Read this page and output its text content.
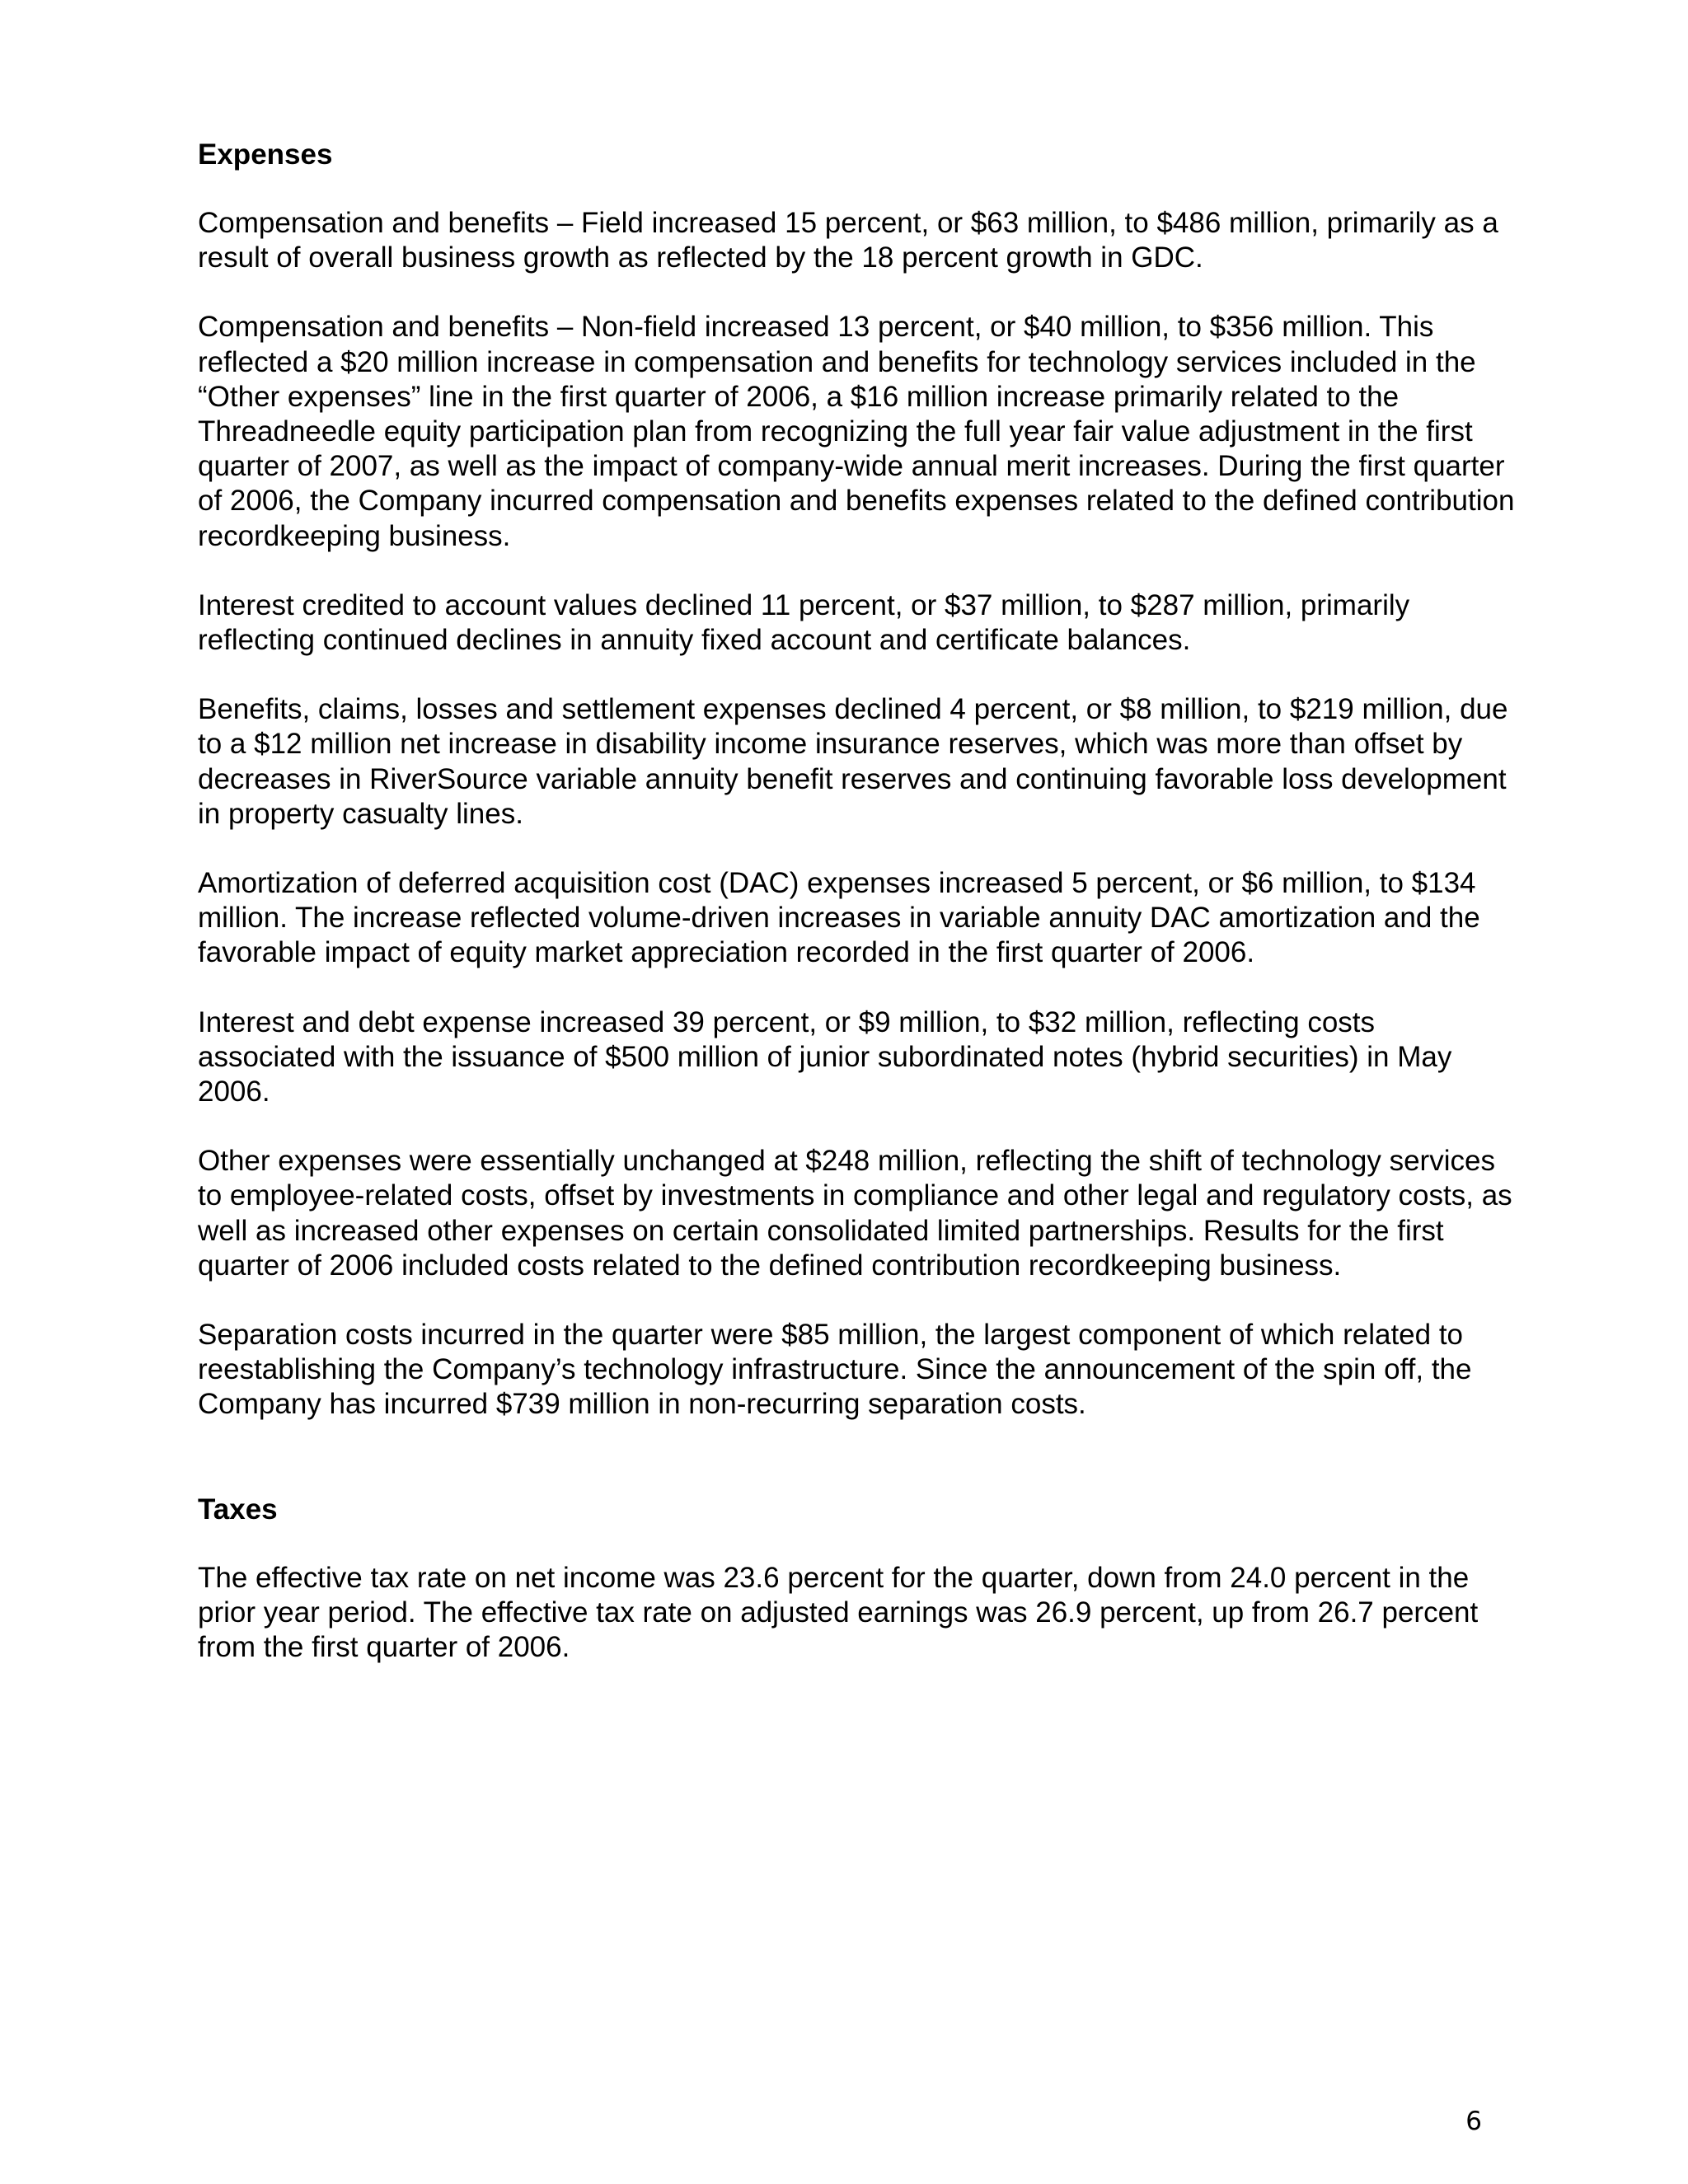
Expenses

Compensation and benefits – Field increased 15 percent, or $63 million, to $486 million, primarily as a result of overall business growth as reflected by the 18 percent growth in GDC.

Compensation and benefits – Non-field increased 13 percent, or $40 million, to $356 million. This reflected a $20 million increase in compensation and benefits for technology services included in the “Other expenses” line in the first quarter of 2006, a $16 million increase primarily related to the Threadneedle equity participation plan from recognizing the full year fair value adjustment in the first quarter of 2007, as well as the impact of company-wide annual merit increases. During the first quarter of 2006, the Company incurred compensation and benefits expenses related to the defined contribution recordkeeping business.

Interest credited to account values declined 11 percent, or $37 million, to $287 million, primarily reflecting continued declines in annuity fixed account and certificate balances.

Benefits, claims, losses and settlement expenses declined 4 percent, or $8 million, to $219 million, due to a $12 million net increase in disability income insurance reserves, which was more than offset by decreases in RiverSource variable annuity benefit reserves and continuing favorable loss development in property casualty lines.

Amortization of deferred acquisition cost (DAC) expenses increased 5 percent, or $6 million, to $134 million. The increase reflected volume-driven increases in variable annuity DAC amortization and the favorable impact of equity market appreciation recorded in the first quarter of 2006.

Interest and debt expense increased 39 percent, or $9 million, to $32 million, reflecting costs associated with the issuance of $500 million of junior subordinated notes (hybrid securities) in May 2006.

Other expenses were essentially unchanged at $248 million, reflecting the shift of technology services to employee-related costs, offset by investments in compliance and other legal and regulatory costs, as well as increased other expenses on certain consolidated limited partnerships. Results for the first quarter of 2006 included costs related to the defined contribution recordkeeping business.

Separation costs incurred in the quarter were $85 million, the largest component of which related to reestablishing the Company’s technology infrastructure. Since the announcement of the spin off, the Company has incurred $739 million in non-recurring separation costs.

Taxes

The effective tax rate on net income was 23.6 percent for the quarter, down from 24.0 percent in the prior year period. The effective tax rate on adjusted earnings was 26.9 percent, up from 26.7 percent from the first quarter of 2006.

6
